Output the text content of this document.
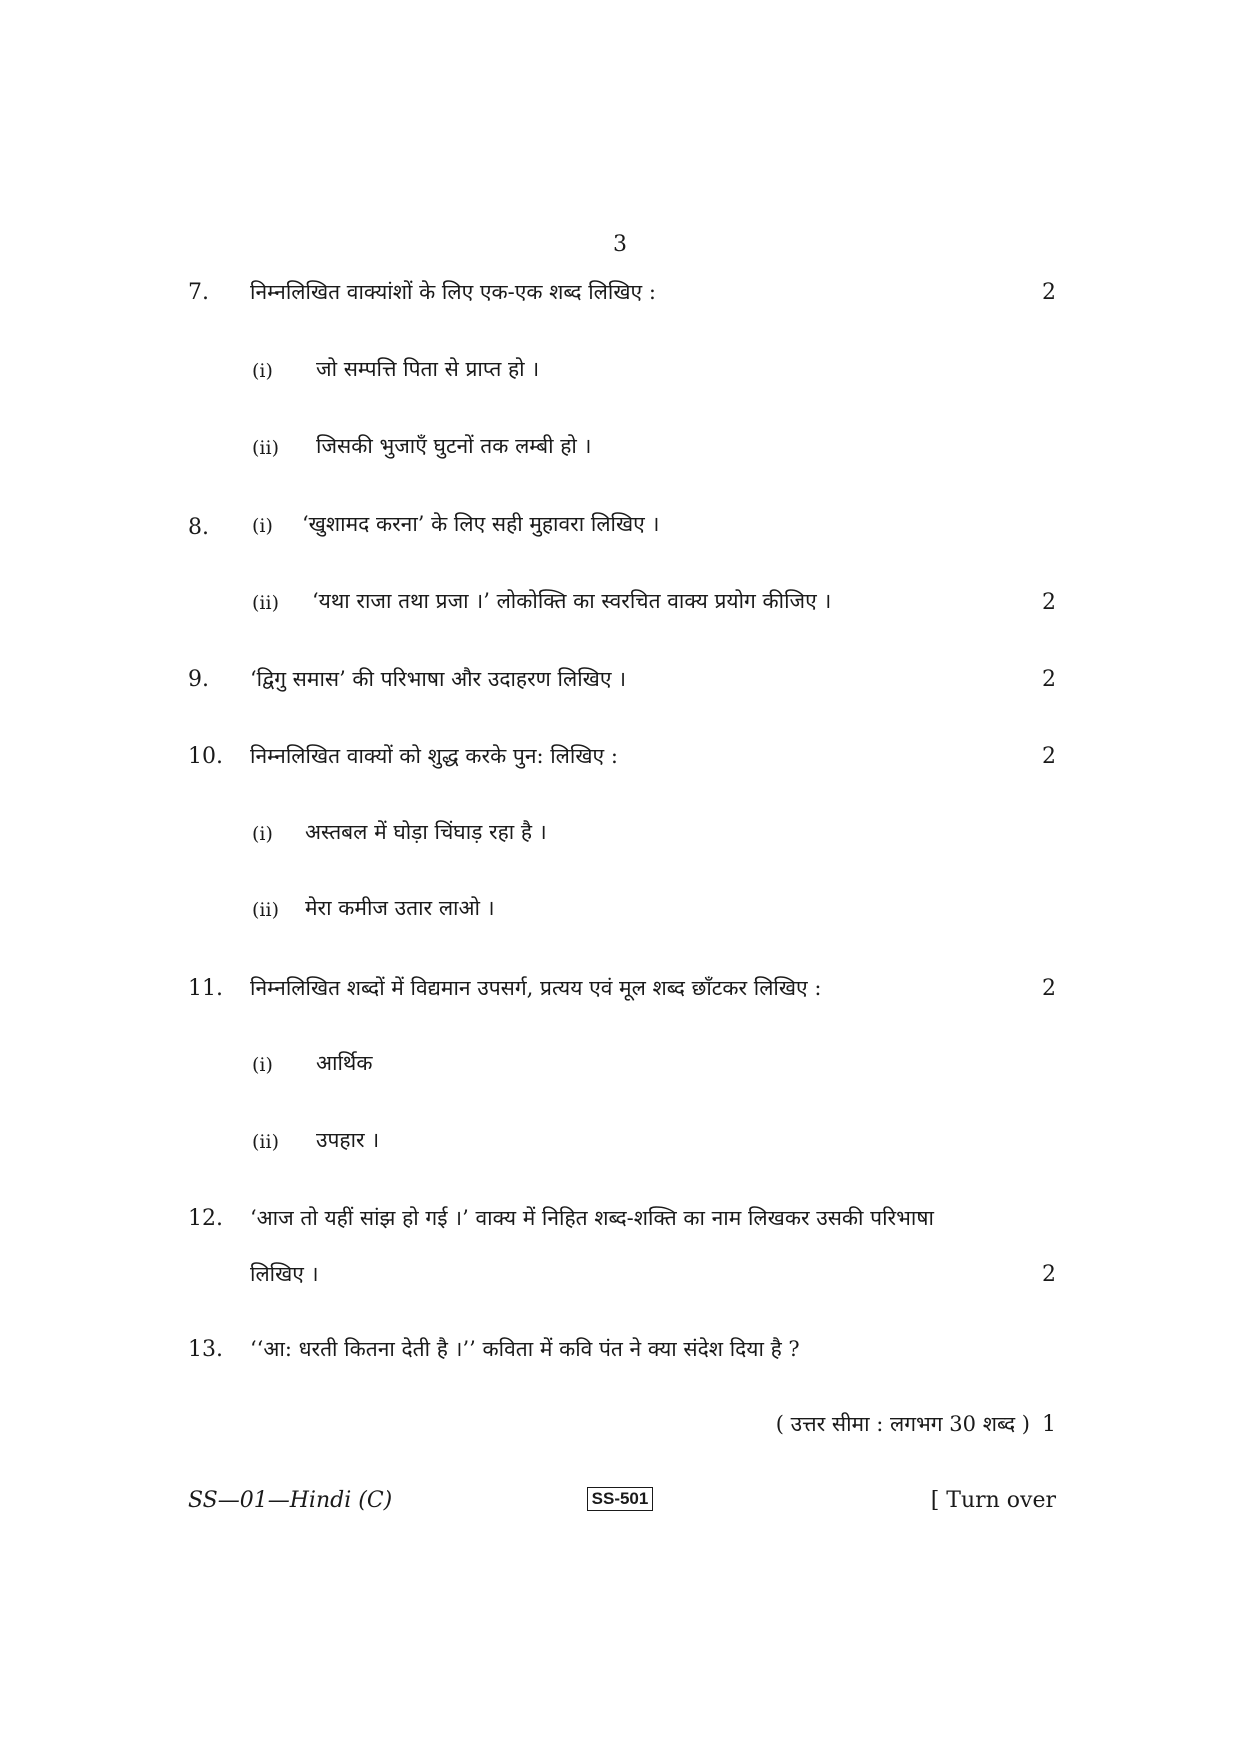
3
7. निम्नलिखित वाक्यांशों के लिए एक-एक शब्द लिखिए :	2
(i) जो सम्पत्ति पिता से प्राप्त हो ।
(ii) जिसकी भुजाएँ घुटनों तक लम्बी हो ।
8. (i) ‘खुशामद करना’ के लिए सही मुहावरा लिखिए ।
(ii) ‘यथा राजा तथा प्रजा ।’ लोकोक्ति का स्वरचित वाक्य प्रयोग कीजिए ।	2
9. ‘द्विगु समास’ की परिभाषा और उदाहरण लिखिए ।	2
10. निम्नलिखित वाक्यों को शुद्ध करके पुन: लिखिए :	2
(i) अस्तबल में घोड़ा चिंघाड़ रहा है ।
(ii) मेरा कमीज उतार लाओ ।
11. निम्नलिखित शब्दों में विद्यमान उपसर्ग, प्रत्यय एवं मूल शब्द छाँटकर लिखिए :	2
(i) आर्थिक
(ii) उपहार ।
12. ‘आज तो यहीं सांझ हो गई ।’ वाक्य में निहित शब्द-शक्ति का नाम लिखकर उसकी परिभाषा
लिखिए ।	2
13. ‘‘आ: धरती कितना देती है ।’’ कविता में कवि पंत ने क्या संदेश दिया है ?
( उत्तर सीमा : लगभग 30 शब्द ) 1
SS—01—Hindi (C)	SS-501	[ Turn over
